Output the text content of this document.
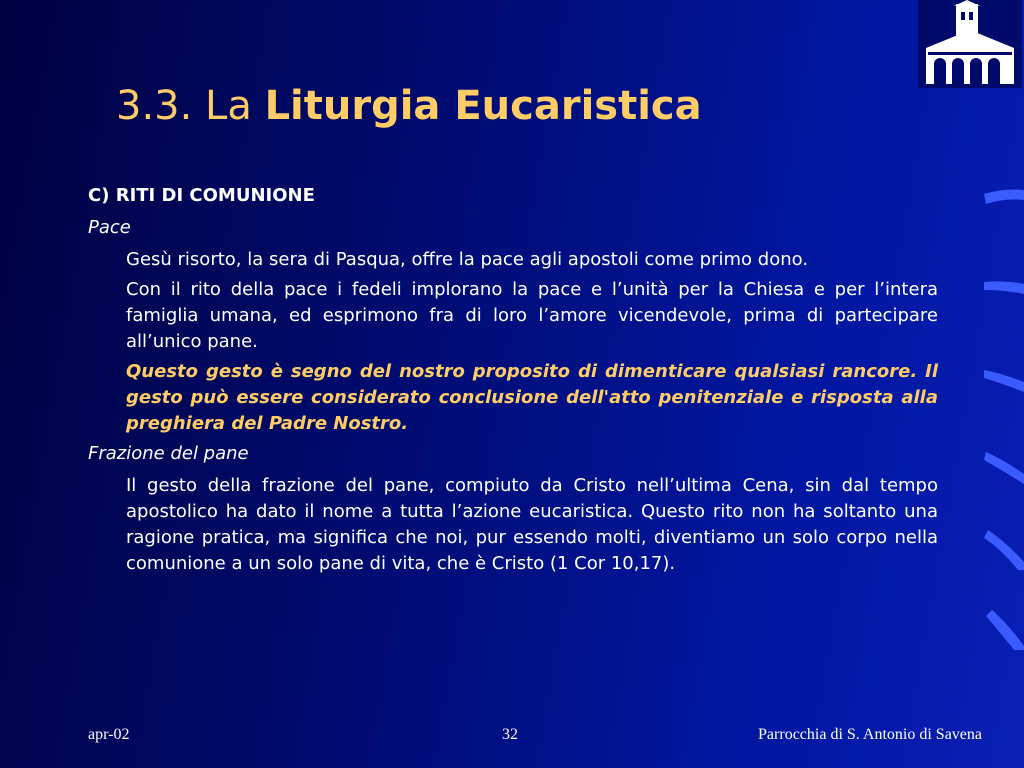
3.3. La Liturgia Eucaristica

C) RITI DI COMUNIONE

Pace

Gesù risorto, la sera di Pasqua, offre la pace agli apostoli come primo dono.

Con il rito della pace i fedeli implorano la pace e l’unità per la Chiesa e per l’intera famiglia umana, ed esprimono fra di loro l’amore vicendevole, prima di partecipare all’unico pane.

Questo gesto è segno del nostro proposito di dimenticare qualsiasi rancore. Il gesto può essere considerato conclusione dell'atto penitenziale e risposta alla preghiera del Padre Nostro.

Frazione del pane

Il gesto della frazione del pane, compiuto da Cristo nell’ultima Cena, sin dal tempo apostolico ha dato il nome a tutta l’azione eucaristica. Questo rito non ha soltanto una ragione pratica, ma significa che noi, pur essendo molti, diventiamo un solo corpo nella comunione a un solo pane di vita, che è Cristo (1 Cor 10,17).

apr-02	32	Parrocchia di S. Antonio di Savena
